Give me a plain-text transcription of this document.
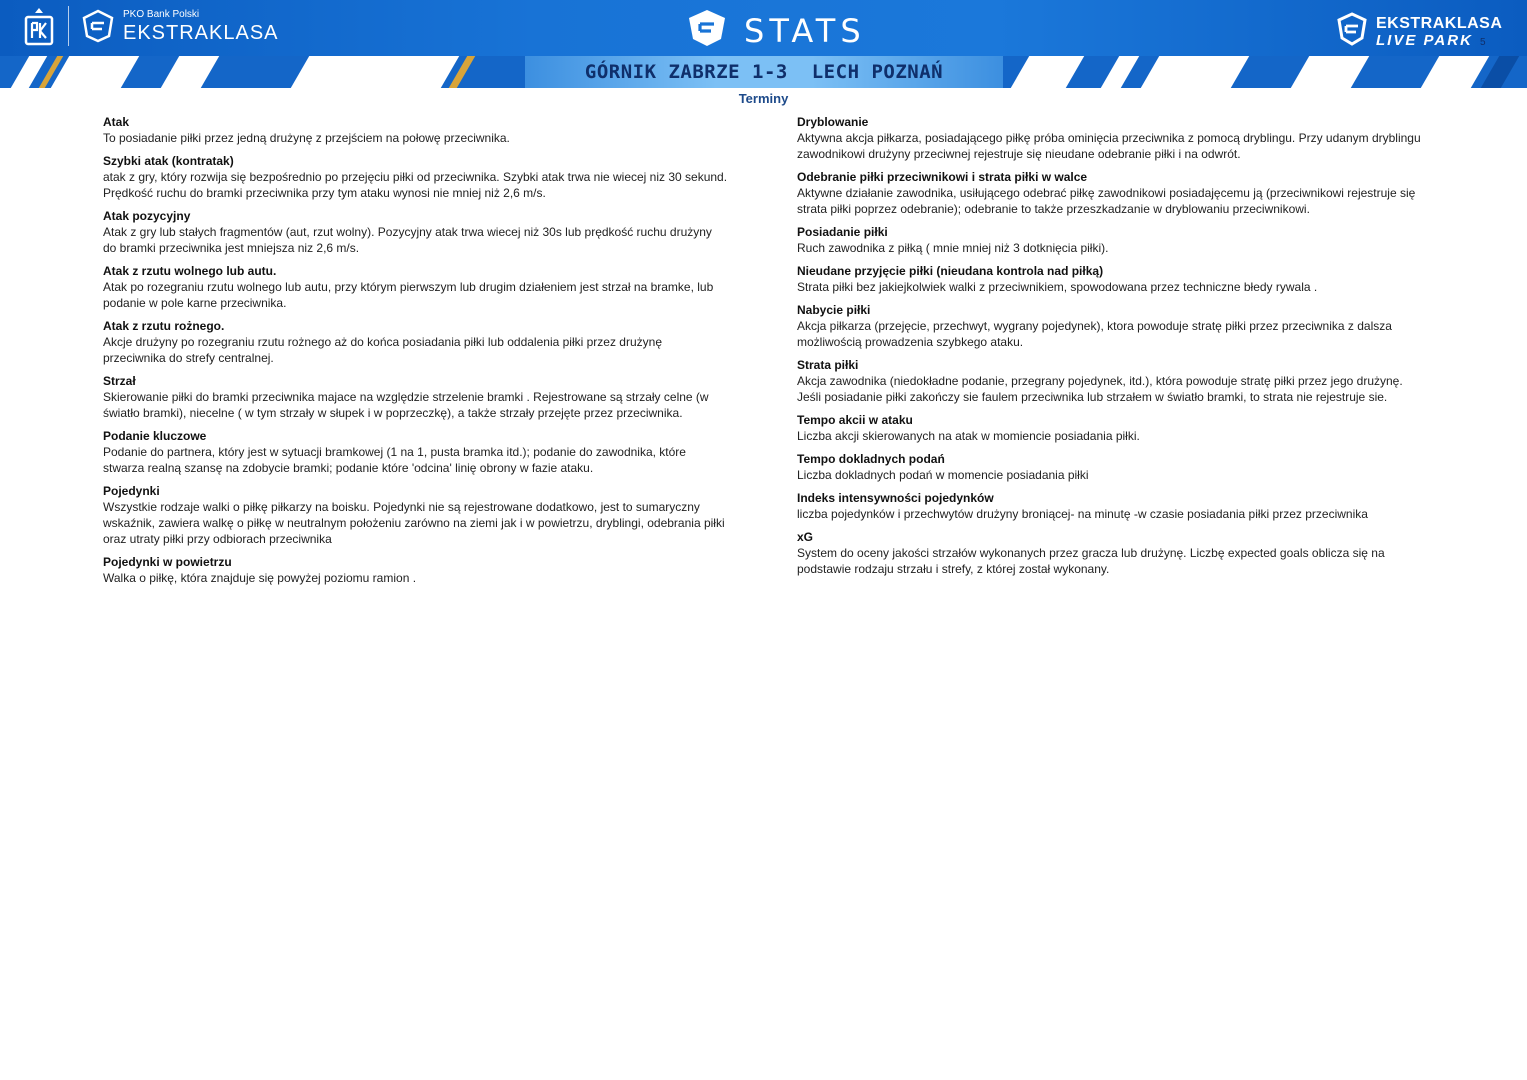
PKO Bank Polski
EKSTRAKLASA	STATS	EKSTRAKLASA
LIVE PARK 5
GÓRNIK ZABRZE 1-3  LECH POZNAŃ
Terminy
Atak
To posiadanie piłki przez jedną drużynę z przejściem na połowę przeciwnika.
Szybki atak (kontratak)
atak z gry, który rozwija się bezpośrednio po przejęciu piłki od przeciwnika. Szybki atak trwa nie wiecej niz 30 sekund. Prędkość ruchu do bramki przeciwnika przy tym ataku wynosi nie mniej niż 2,6 m/s.
Atak pozycyjny
Atak z gry lub stałych fragmentów (aut, rzut wolny). Pozycyjny atak trwa wiecej niż 30s lub prędkość ruchu drużyny do bramki przeciwnika jest mniejsza niz 2,6 m/s.
Atak z rzutu wolnego lub autu.
Atak po rozegraniu rzutu wolnego lub autu, przy którym pierwszym lub drugim działeniem jest strzał na bramke, lub podanie w pole karne przeciwnika.
Atak z rzutu rożnego.
Akcje drużyny po rozegraniu rzutu rożnego aż do końca posiadania piłki lub oddalenia piłki przez drużynę przeciwnika do strefy centralnej.
Strzał
Skierowanie piłki do bramki przeciwnika majace na względzie strzelenie bramki . Rejestrowane są strzały celne (w światło bramki), niecelne ( w tym strzały w słupek i w poprzeczkę), a także strzały przejęte przez przeciwnika.
Podanie kluczowe
Podanie do partnera, który jest w sytuacji bramkowej (1 na 1, pusta bramka itd.); podanie do zawodnika, które stwarza realną szansę na zdobycie bramki; podanie które 'odcina' linię obrony w fazie ataku.
Pojedynki
Wszystkie rodzaje walki o piłkę piłkarzy na boisku. Pojedynki nie są rejestrowane dodatkowo, jest to sumaryczny wskaźnik, zawiera walkę o piłkę w neutralnym położeniu zarówno na ziemi jak i w powietrzu, dryblingi, odebrania piłki oraz utraty piłki przy odbiorach przeciwnika
Pojedynki w powietrzu
Walka o piłkę, która znajduje się powyżej poziomu ramion .
Dryblowanie
Aktywna akcja piłkarza, posiadającego piłkę próba ominięcia przeciwnika z pomocą dryblingu. Przy udanym dryblingu zawodnikowi drużyny przeciwnej rejestruje się nieudane odebranie piłki i na odwrót.
Odebranie piłki przeciwnikowi i strata piłki w walce
Aktywne działanie zawodnika, usiłującego odebrać piłkę zawodnikowi posiadajęcemu ją (przeciwnikowi rejestruje się strata piłki poprzez odebranie); odebranie to także przeszkadzanie w dryblowaniu przeciwnikowi.
Posiadanie piłki
Ruch zawodnika z piłką ( mnie mniej niż 3 dotknięcia piłki).
Nieudane przyjęcie piłki (nieudana kontrola nad piłką)
Strata piłki bez jakiejkolwiek walki z przeciwnikiem, spowodowana przez techniczne błedy rywala .
Nabycie piłki
Akcja piłkarza (przejęcie, przechwyt, wygrany pojedynek), ktora powoduje stratę piłki przez przeciwnika z dalsza możliwością prowadzenia szybkego ataku.
Strata piłki
Akcja zawodnika (niedokładne podanie, przegrany pojedynek, itd.), która powoduje stratę piłki przez jego drużynę. Jeśli posiadanie piłki zakończy sie faulem przeciwnika lub strzałem w światło bramki, to strata nie rejestruje sie.
Tempo akcii w ataku
Liczba akcji skierowanych na atak w momiencie posiadania piłki.
Tempo dokladnych podań
Liczba dokladnych podań w momencie posiadania piłki
Indeks intensywności pojedynków
liczba pojedynków i przechwytów drużyny broniącej- na minutę -w czasie posiadania piłki przez przeciwnika
xG
System do oceny jakości strzałów wykonanych przez gracza lub drużynę. Liczbę expected goals oblicza się na podstawie rodzaju strzału i strefy, z której został wykonany.
